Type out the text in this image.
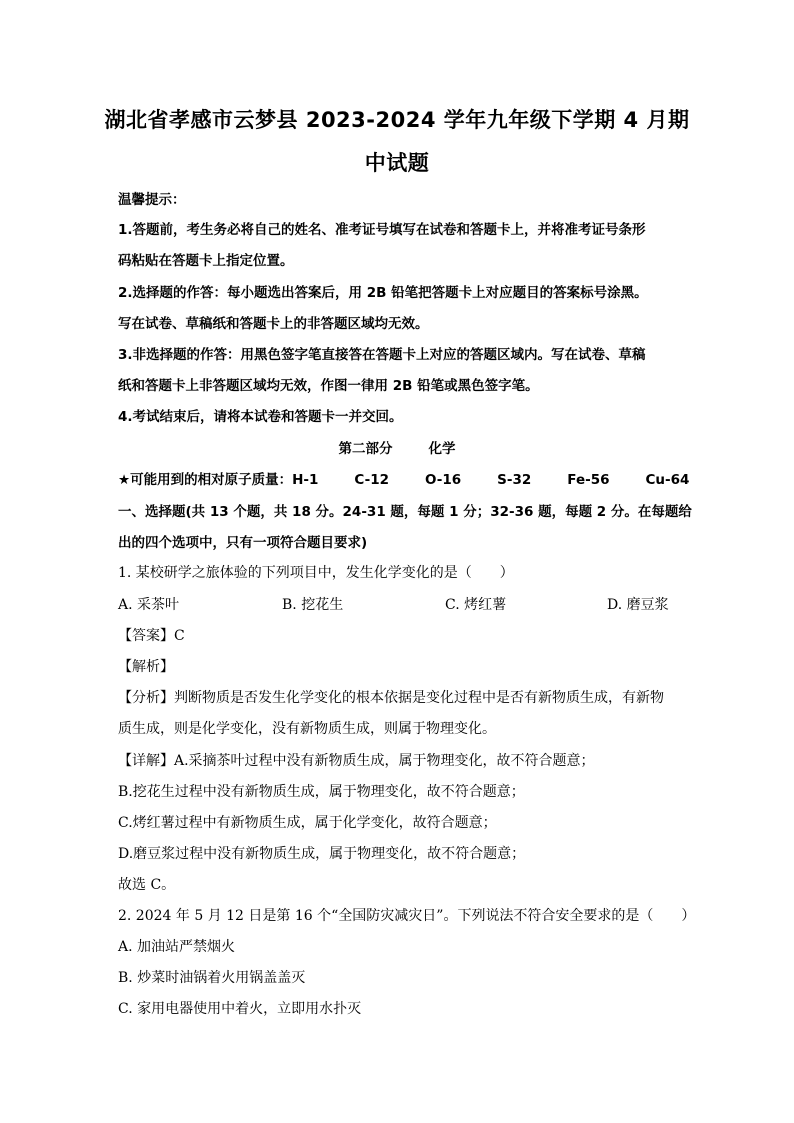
湖北省孝感市云梦县 2023-2024 学年九年级下学期 4 月期
中试题
温馨提示：
1.答题前，考生务必将自己的姓名、准考证号填写在试卷和答题卡上，并将准考证号条形
码粘贴在答题卡上指定位置。
2.选择题的作答：每小题选出答案后，用 2B 铅笔把答题卡上对应题目的答案标号涂黑。
写在试卷、草稿纸和答题卡上的非答题区域均无效。
3.非选择题的作答：用黑色签字笔直接答在答题卡上对应的答题区域内。写在试卷、草稿
纸和答题卡上非答题区域均无效，作图一律用 2B 铅笔或黑色签字笔。
4.考试结束后，请将本试卷和答题卡一并交回。
第二部分	化学
★可能用到的相对原子质量：H-1	C-12	O-16	S-32	Fe-56	Cu-64
一、选择题(共 13 个题，共 18 分。24-31 题，每题 1 分；32-36 题，每题 2 分。在每题给
出的四个选项中，只有一项符合题目要求)
1. 某校研学之旅体验的下列项目中，发生化学变化的是（　　）
A. 采茶叶	B. 挖花生	C. 烤红薯	D. 磨豆浆
【答案】C
【解析】
【分析】判断物质是否发生化学变化的根本依据是变化过程中是否有新物质生成，有新物
质生成，则是化学变化，没有新物质生成，则属于物理变化。
【详解】A.采摘茶叶过程中没有新物质生成，属于物理变化，故不符合题意；
B.挖花生过程中没有新物质生成，属于物理变化，故不符合题意；
C.烤红薯过程中有新物质生成，属于化学变化，故符合题意；
D.磨豆浆过程中没有新物质生成，属于物理变化，故不符合题意；
故选 C。
2. 2024 年 5 月 12 日是第 16 个“全国防灾减灾日”。下列说法不符合安全要求的是（　　）
A. 加油站严禁烟火
B. 炒菜时油锅着火用锅盖盖灭
C. 家用电器使用中着火，立即用水扑灭
